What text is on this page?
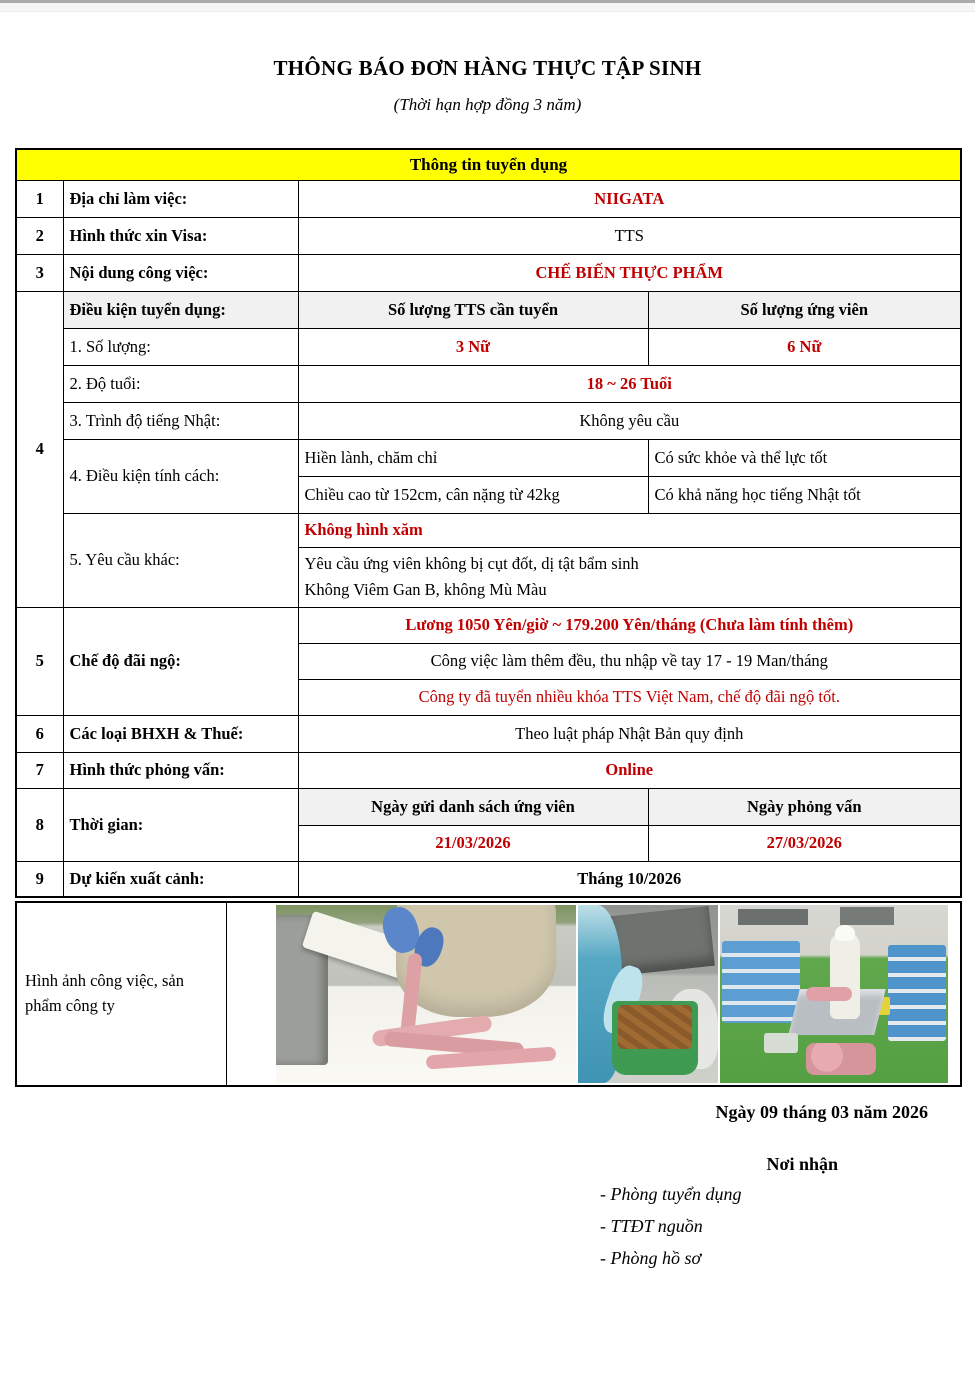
THÔNG BÁO ĐƠN HÀNG THỰC TẬP SINH
(Thời hạn hợp đồng 3 năm)
Thông tin tuyển dụng			
1	Địa chỉ làm việc:	NIIGATA	
2	Hình thức xin Visa:	TTS	
3	Nội dung công việc:	CHẾ BIẾN THỰC PHẨM	
4	Điều kiện tuyển dụng:	Số lượng TTS cần tuyển	Số lượng ứng viên
	1. Số lượng:	3 Nữ	6 Nữ
	2. Độ tuổi:	18 ~ 26 Tuổi	
	3. Trình độ tiếng Nhật:	Không yêu cầu	
	4. Điều kiện tính cách:	Hiền lành, chăm chỉ	Có sức khỏe và thể lực tốt
		Chiều cao từ 152cm, cân nặng từ 42kg	Có khả năng học tiếng Nhật tốt
	5. Yêu cầu khác:	Không hình xăm	
		Yêu cầu ứng viên không bị cụt đốt, dị tật bẩm sinh
Không Viêm Gan B, không Mù Màu	
5	Chế độ đãi ngộ:	Lương 1050 Yên/giờ ~ 179.200 Yên/tháng (Chưa làm tính thêm)	
		Công việc làm thêm đều, thu nhập về tay 17 - 19 Man/tháng	
		Công ty đã tuyển nhiều khóa TTS Việt Nam, chế độ đãi ngộ tốt.	
6	Các loại BHXH & Thuế:	Theo luật pháp Nhật Bản quy định	
7	Hình thức phỏng vấn:	Online	
8	Thời gian:	Ngày gửi danh sách ứng viên	Ngày phỏng vấn
		21/03/2026	27/03/2026
9	Dự kiến xuất cảnh:	Tháng 10/2026	
Hình ảnh công việc, sản phẩm công ty	
Ngày 09 tháng 03 năm 2026
Nơi nhận
- Phòng tuyển dụng
- TTĐT nguồn
- Phòng hồ sơ
